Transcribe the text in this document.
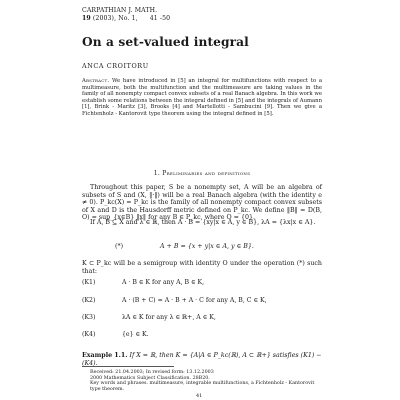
CARPATHIAN J. MATH.
19 (2003), No. 1, 41 -50
On a set-valued integral
ANCA CROITORU
Abstract. We have introduced in [5] an integral for multifunctions with respect to a multimeasure, both the multifunction and the multimeasure are taking values in the family of all nonempty compact convex subsets of a real Banach algebra. In this work we establish some relations between the integral defined in [5] and the integrals of Aumann [1], Brink - Maritz [3], Brooks [4] and Martellotti - Sambucini [9]. Then we give a Fichtenholz - Kantorovit type theorem using the integral defined in [5].
1. Preliminaries and definitions
Throughout this paper, S be a nonempty set, A will be an algebra of subsets of S and (X, ‖·‖) will be a real Banach algebra (with the identity e ≠ 0). P_kc(X) = P_kc is the family of all nonempty compact convex subsets of X and D is the Hausdorff metric defined on P_kc. We define ‖B‖ = D(B, O) = sup_{x∈B} ‖x‖ for any B ∈ P_kc, where O = {0}.
If A, B ⊆ X and λ ∈ ℝ, then A · B = {xy|x ∈ A, y ∈ B}, λA = {λx|x ∈ A}.
(*)	A + B = {x + y|x ∈ A, y ∈ B}.
K ⊂ P_kc will be a semigroup with identity O under the operation (*) such that:
(K1)	A · B ∈ K for any A, B ∈ K,
(K2)	A · (B + C) = A · B + A · C for any A, B, C ∈ K,
(K3)	λA ∈ K for any λ ∈ ℝ+, A ∈ K,
(K4)	{e} ∈ K.
Example 1.1. If X = ℝ, then K = {A|A ∈ P_kc(ℝ), A ⊂ ℝ+} satisfies (K1) − (K4).
Received: 21.04.2003; In revised form: 13.12.2003
2000 Mathematics Subject Classification. 28B20.
Key words and phrases. multimeasure, integrable multifunctions, a Fichtenholz - Kantorovit type theorem.
41
